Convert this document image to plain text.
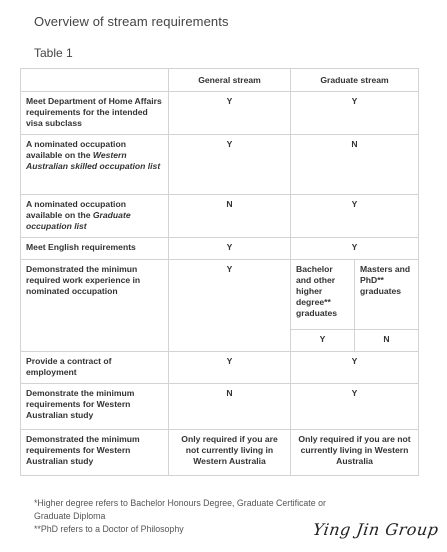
Overview of stream requirements
Table 1
	General stream	Graduate stream	
Meet Department of Home Affairs requirements for the intended visa subclass	Y	Y	
A nominated occupation available on the Western Australian skilled occupation list	Y	N	
A nominated occupation available on the Graduate occupation list	N	Y	
Meet English requirements	Y	Y	
Demonstrated the minimun required work experience in nominated occupation	Y	Bachelor and other higher degree** graduates	Masters and PhD** graduates
		Y	N
Provide a contract of employment	Y	Y	
Demonstrate the minimum requirements for Western Australian study	N	Y	
Demonstrated the minimum requirements for Western Australian study	Only required if you are not currently living in Western Australia	Only required if you are not currently living in Western Australia	
*Higher degree refers to Bachelor Honours Degree, Graduate Certificate or
Graduate Diploma
**PhD refers to a Doctor of Philosophy	Ying Jin Group
